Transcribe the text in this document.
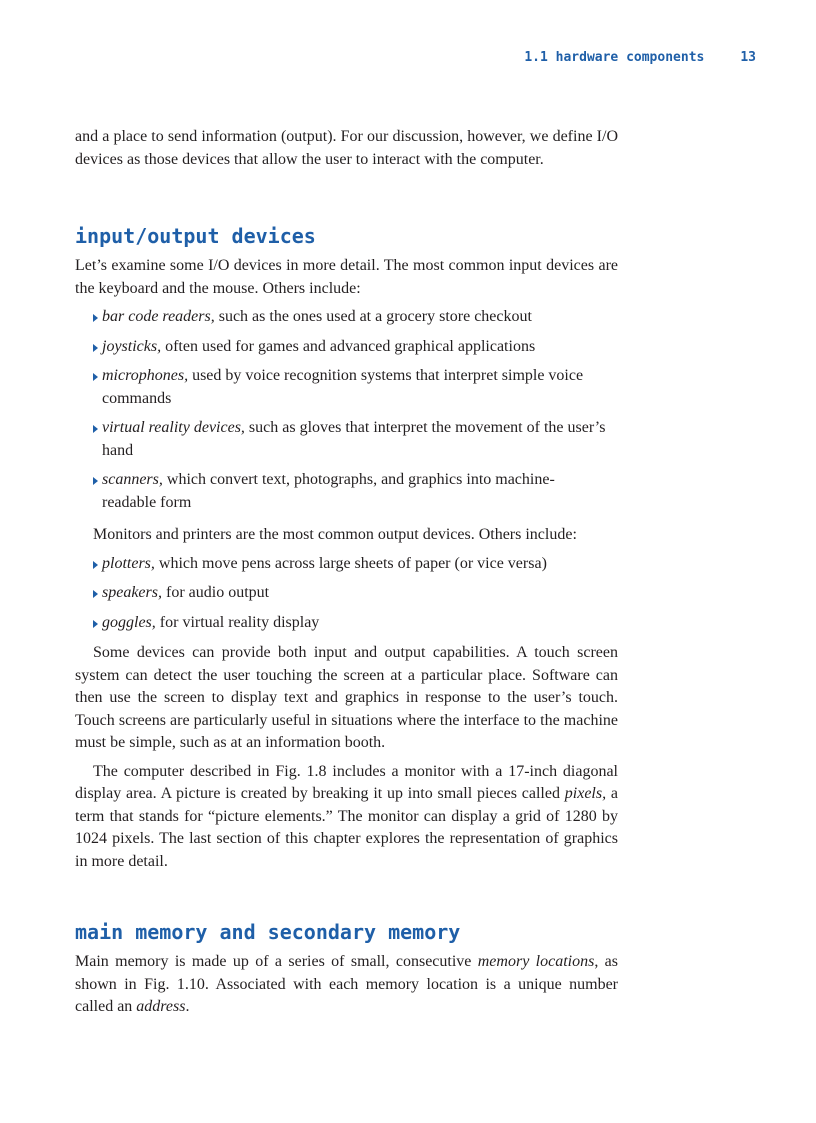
1.1 hardware components	13

and a place to send information (output). For our discussion, however, we define I/O devices as those devices that allow the user to interact with the computer.

input/output devices

Let’s examine some I/O devices in more detail. The most common input devices are the keyboard and the mouse. Others include:

bar code readers, such as the ones used at a grocery store checkout
joysticks, often used for games and advanced graphical applications
microphones, used by voice recognition systems that interpret simple voice commands
virtual reality devices, such as gloves that interpret the movement of the user’s hand
scanners, which convert text, photographs, and graphics into machine-readable form

Monitors and printers are the most common output devices. Others include:

plotters, which move pens across large sheets of paper (or vice versa)
speakers, for audio output
goggles, for virtual reality display

Some devices can provide both input and output capabilities. A touch screen system can detect the user touching the screen at a particular place. Software can then use the screen to display text and graphics in response to the user’s touch. Touch screens are particularly useful in situations where the interface to the machine must be simple, such as at an information booth.

The computer described in Fig. 1.8 includes a monitor with a 17-inch diagonal display area. A picture is created by breaking it up into small pieces called pixels, a term that stands for “picture elements.” The monitor can display a grid of 1280 by 1024 pixels. The last section of this chapter explores the representation of graphics in more detail.

main memory and secondary memory

Main memory is made up of a series of small, consecutive memory locations, as shown in Fig. 1.10. Associated with each memory location is a unique number called an address.
